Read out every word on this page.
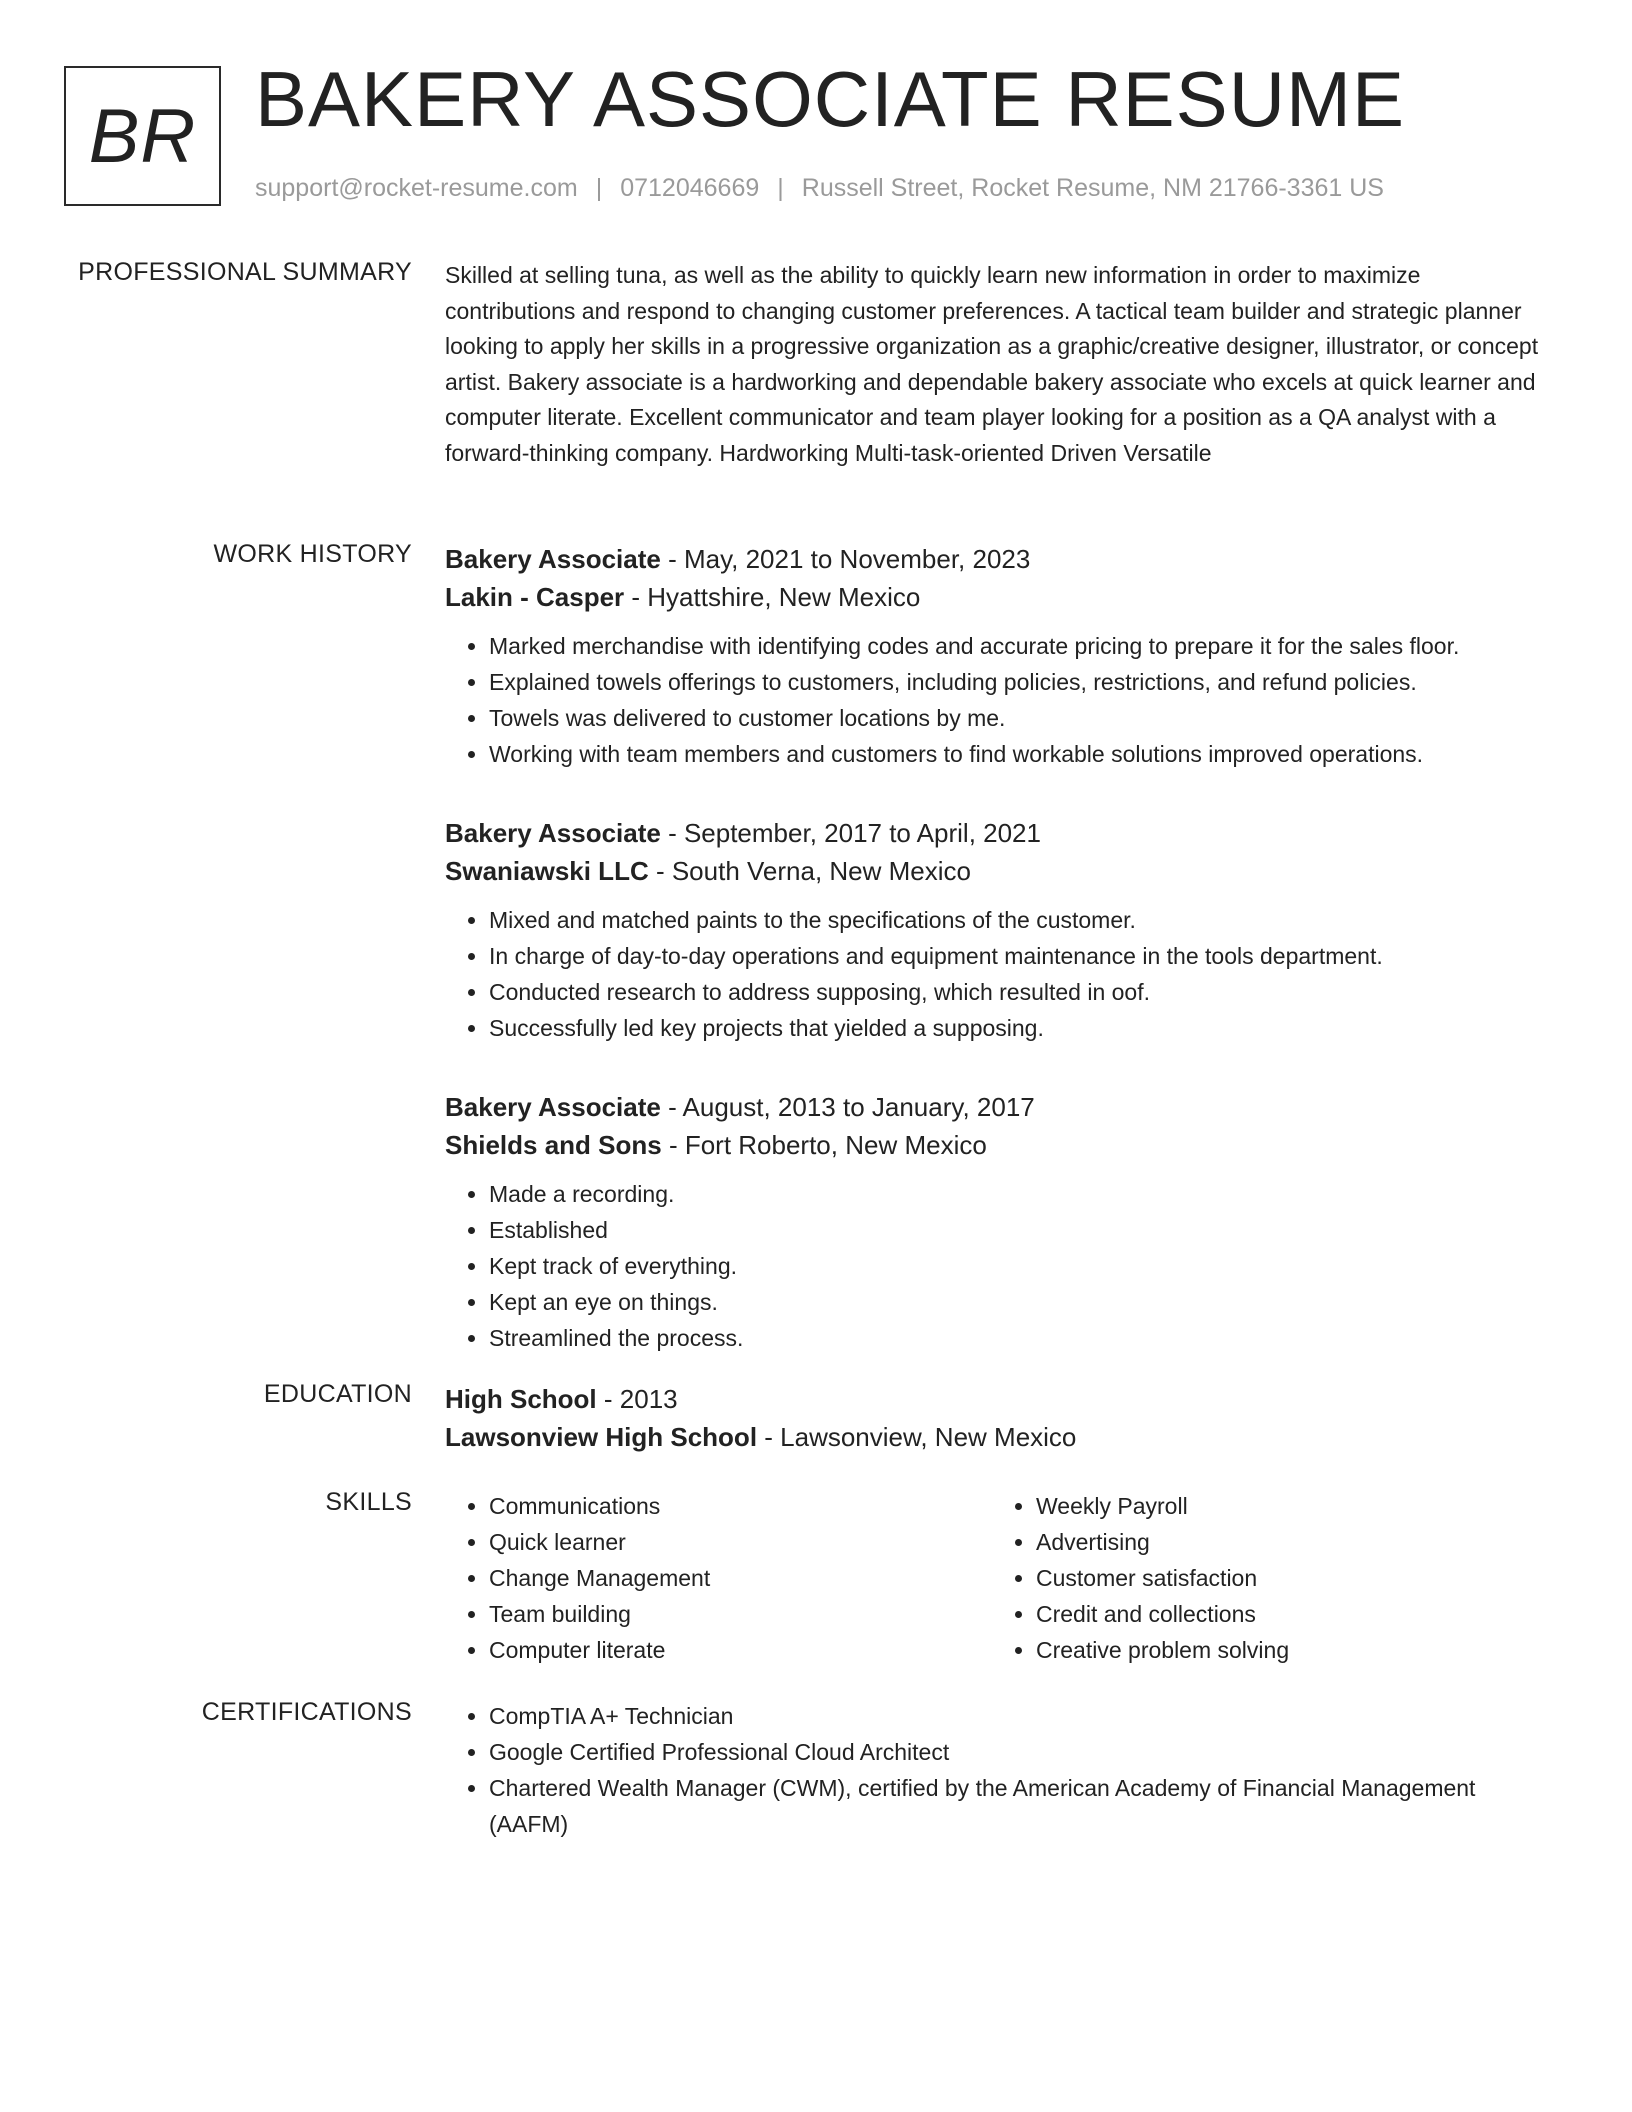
BR BAKERY ASSOCIATE RESUME
support@rocket-resume.com | 0712046669 | Russell Street, Rocket Resume, NM 21766-3361 US
PROFESSIONAL SUMMARY Skilled at selling tuna, as well as the ability to quickly learn new information in order to maximize contributions and respond to changing customer preferences. A tactical team builder and strategic planner looking to apply her skills in a progressive organization as a graphic/creative designer, illustrator, or concept artist. Bakery associate is a hardworking and dependable bakery associate who excels at quick learner and computer literate. Excellent communicator and team player looking for a position as a QA analyst with a forward-thinking company. Hardworking Multi-task-oriented Driven Versatile

WORK HISTORY Bakery Associate - May, 2021 to November, 2023
Lakin - Casper - Hyattshire, New Mexico
• Marked merchandise with identifying codes and accurate pricing to prepare it for the sales floor.
• Explained towels offerings to customers, including policies, restrictions, and refund policies.
• Towels was delivered to customer locations by me.
• Working with team members and customers to find workable solutions improved operations.
Bakery Associate - September, 2017 to April, 2021
Swaniawski LLC - South Verna, New Mexico
• Mixed and matched paints to the specifications of the customer.
• In charge of day-to-day operations and equipment maintenance in the tools department.
• Conducted research to address supposing, which resulted in oof.
• Successfully led key projects that yielded a supposing.
Bakery Associate - August, 2013 to January, 2017
Shields and Sons - Fort Roberto, New Mexico
• Made a recording.
• Established
• Kept track of everything.
• Kept an eye on things.
• Streamlined the process.
EDUCATION High School - 2013
Lawsonview High School - Lawsonview, New Mexico
SKILLS	• Communications
• Quick learner
• Change Management
• Team building
• Computer literate
• Weekly Payroll
• Advertising
• Customer satisfaction
• Credit and collections
• Creative problem solving
CERTIFICATIONS	• CompTIA A+ Technician
• Google Certified Professional Cloud Architect
• Chartered Wealth Manager (CWM), certified by the American Academy of Financial Management (AAFM)
